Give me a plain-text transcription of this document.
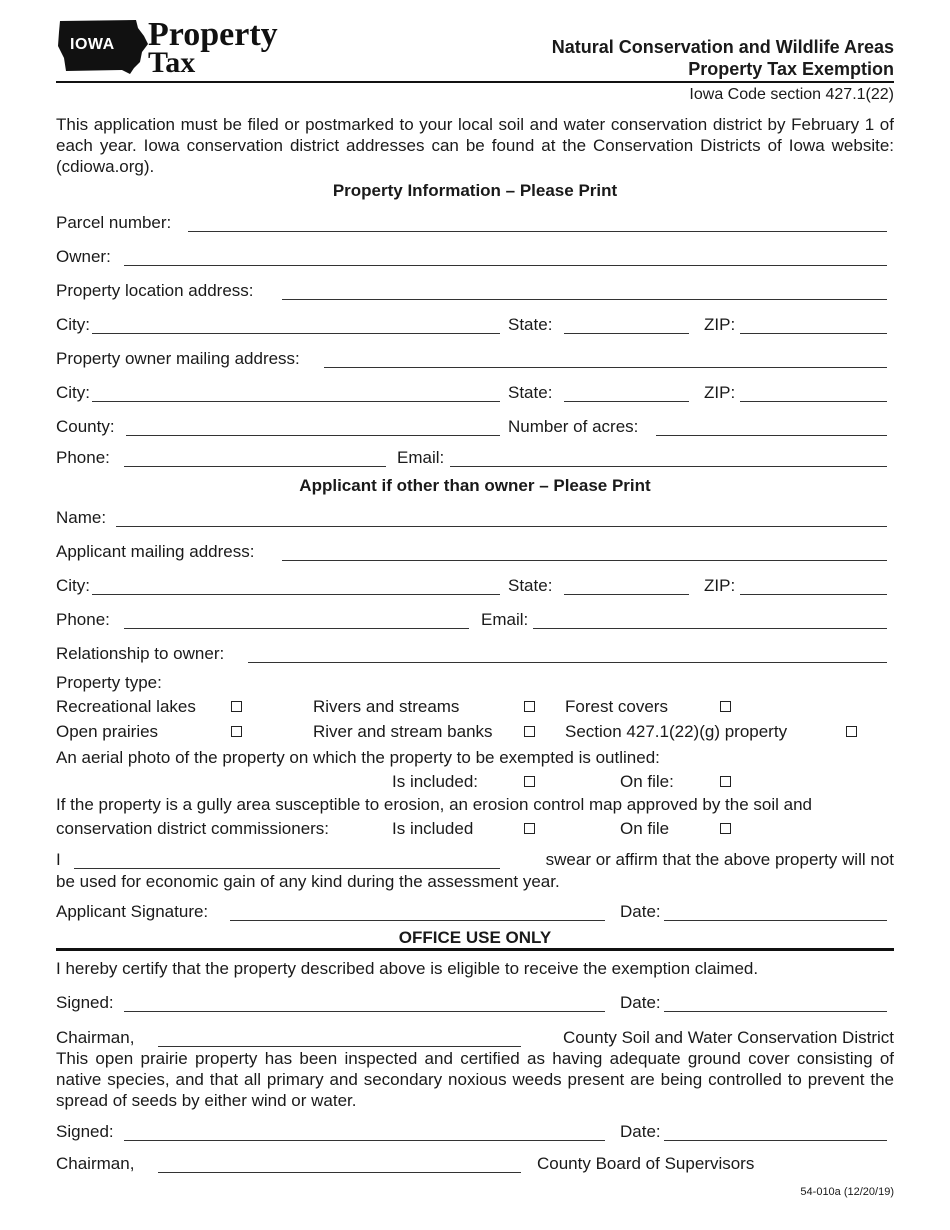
IOWA Property
Tax	Natural Conservation and Wildlife Areas
Property Tax Exemption
Iowa Code section 427.1(22)
This application must be filed or postmarked to your local soil and water conservation district by February 1 of each year. Iowa conservation district addresses can be found at the Conservation Districts of Iowa website: (cdiowa.org).
Property Information – Please Print
Parcel number:
Owner:
Property location address:
City:	State:	ZIP:
Property owner mailing address:
City:	State:	ZIP:
County:	Number of acres:
Phone:	Email:
Applicant if other than owner – Please Print
Name:
Applicant mailing address:
City:	State:	ZIP:
Phone:	Email:
Relationship to owner:
Property type:
Recreational lakes	Rivers and streams	Forest covers
Open prairies	River and stream banks	Section 427.1(22)(g) property
An aerial photo of the property on which the property to be exempted is outlined:
Is included:	On file:
If the property is a gully area susceptible to erosion, an erosion control map approved by the soil and
conservation district commissioners:	Is included	On file
I	swear or affirm that the above property will not
be used for economic gain of any kind during the assessment year.
Applicant Signature:	Date:
OFFICE USE ONLY
I hereby certify that the property described above is eligible to receive the exemption claimed.
Signed:	Date:
Chairman,	County Soil and Water Conservation District
This open prairie property has been inspected and certified as having adequate ground cover consisting of native species, and that all primary and secondary noxious weeds present are being controlled to prevent the spread of seeds by either wind or water.
Signed:	Date:
Chairman,	County Board of Supervisors
54-010a (12/20/19)
